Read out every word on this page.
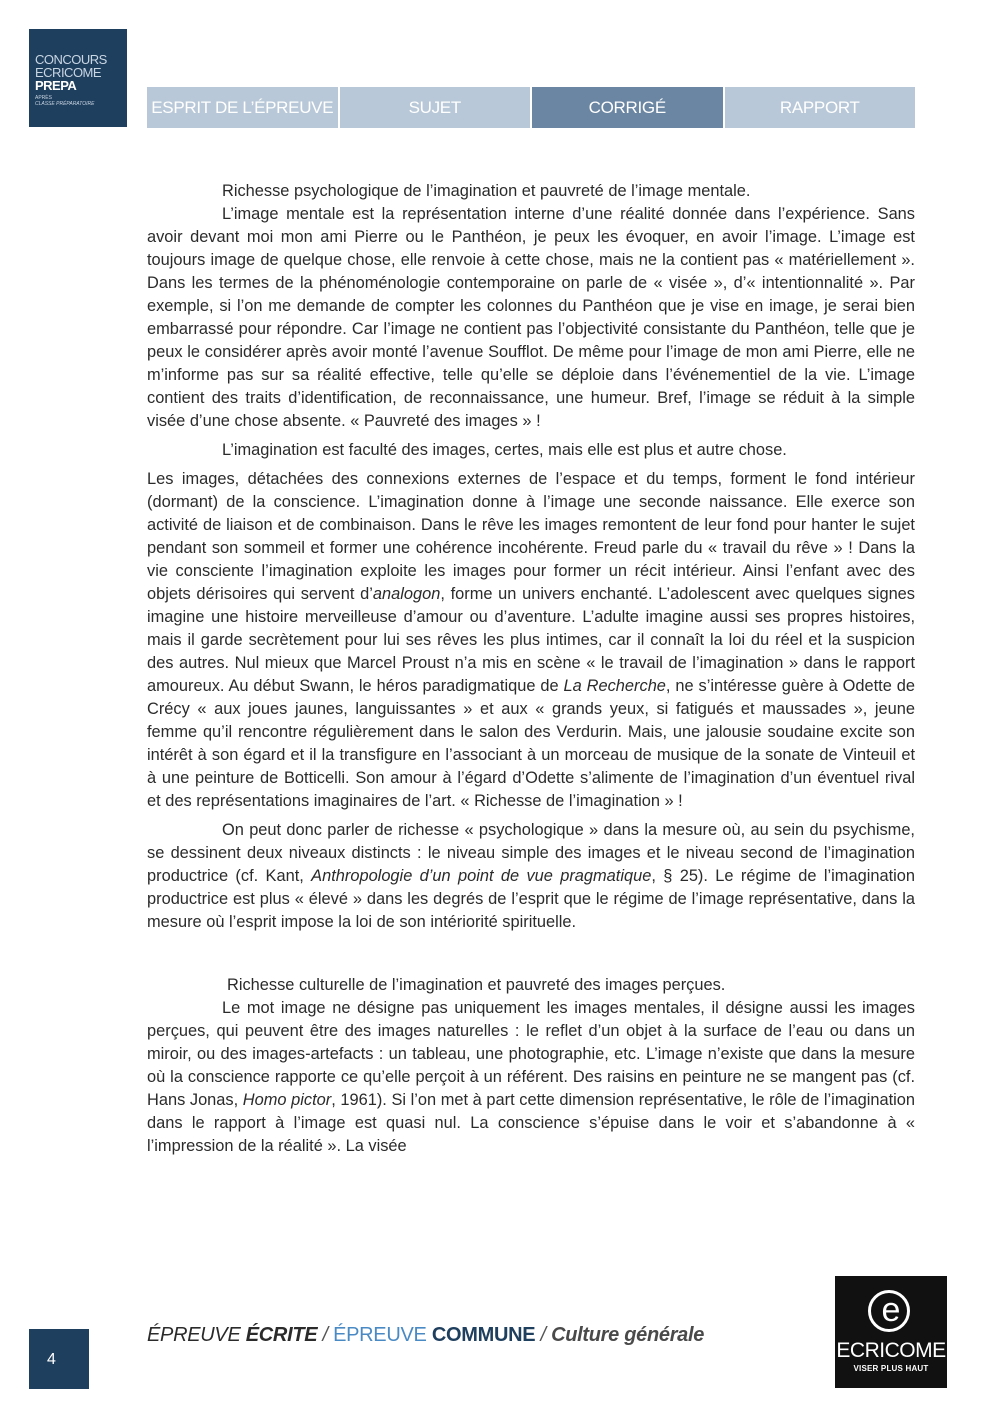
CONCOURS
ECRICOME
PREPA
APRÈS
CLASSE PRÉPARATOIRE	ESPRIT DE L’ÉPREUVE	SUJET	CORRIGÉ	RAPPORT

Richesse psychologique de l’imagination et pauvreté de l’image mentale.

L’image mentale est la représentation interne d’une réalité donnée dans l’expérience. Sans avoir devant moi mon ami Pierre ou le Panthéon, je peux les évoquer, en avoir l’image. L’image est toujours image de quelque chose, elle renvoie à cette chose, mais ne la contient pas « matériellement ». Dans les termes de la phénoménologie contemporaine on parle de « visée », d’« intentionnalité ». Par exemple, si l’on me demande de compter les colonnes du Panthéon que je vise en image, je serai bien embarrassé pour répondre. Car l’image ne contient pas l’objectivité consistante du Panthéon, telle que je peux le considérer après avoir monté l’avenue Soufflot. De même pour l’image de mon ami Pierre, elle ne m’informe pas sur sa réalité effective, telle qu’elle se déploie dans l’événementiel de la vie. L’image contient des traits d’identification, de reconnaissance, une humeur. Bref, l’image se réduit à la simple visée d’une chose absente. « Pauvreté des images » !

L’imagination est faculté des images, certes, mais elle est plus et autre chose.

Les images, détachées des connexions externes de l’espace et du temps, forment le fond intérieur (dormant) de la conscience. L’imagination donne à l’image une seconde naissance. Elle exerce son activité de liaison et de combinaison. Dans le rêve les images remontent de leur fond pour hanter le sujet pendant son sommeil et former une cohérence incohérente. Freud parle du « travail du rêve » ! Dans la vie consciente l’imagination exploite les images pour former un récit intérieur. Ainsi l’enfant avec des objets dérisoires qui servent d’analogon, forme un univers enchanté. L’adolescent avec quelques signes imagine une histoire merveilleuse d’amour ou d’aventure. L’adulte imagine aussi ses propres histoires, mais il garde secrètement pour lui ses rêves les plus intimes, car il connaît la loi du réel et la suspicion des autres. Nul mieux que Marcel Proust n’a mis en scène « le travail de l’imagination » dans le rapport amoureux. Au début Swann, le héros paradigmatique de La Recherche, ne s’intéresse guère à Odette de Crécy « aux joues jaunes, languissantes » et aux « grands yeux, si fatigués et maussades », jeune femme qu’il rencontre régulièrement dans le salon des Verdurin. Mais, une jalousie soudaine excite son intérêt à son égard et il la transfigure en l’associant à un morceau de musique de la sonate de Vinteuil et à une peinture de Botticelli. Son amour à l’égard d’Odette s’alimente de l’imagination d’un éventuel rival et des représentations imaginaires de l’art. « Richesse de l’imagination » !

On peut donc parler de richesse « psychologique » dans la mesure où, au sein du psychisme, se dessinent deux niveaux distincts : le niveau simple des images et le niveau second de l’imagination productrice (cf. Kant, Anthropologie d’un point de vue pragmatique, § 25). Le régime de l’imagination productrice est plus « élevé » dans les degrés de l’esprit que le régime de l’image représentative, dans la mesure où l’esprit impose la loi de son intériorité spirituelle.

Richesse culturelle de l’imagination et pauvreté des images perçues.

Le mot image ne désigne pas uniquement les images mentales, il désigne aussi les images perçues, qui peuvent être des images naturelles : le reflet d’un objet à la surface de l’eau ou dans un miroir, ou des images-artefacts : un tableau, une photographie, etc. L’image n’existe que dans la mesure où la conscience rapporte ce qu’elle perçoit à un référent. Des raisins en peinture ne se mangent pas (cf. Hans Jonas, Homo pictor, 1961). Si l’on met à part cette dimension représentative, le rôle de l’imagination dans le rapport à l’image est quasi nul. La conscience s’épuise dans le voir et s’abandonne à « l’impression de la réalité ». La visée

4
ÉPREUVE ÉCRITE / ÉPREUVE COMMUNE / Culture générale
e
ECRICOME
VISER PLUS HAUT
